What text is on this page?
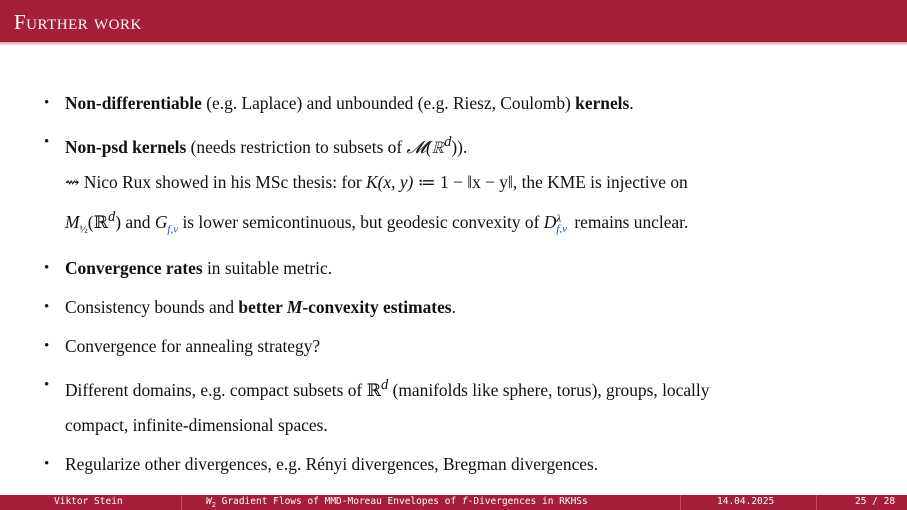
Further work
• Non-differentiable (e.g. Laplace) and unbounded (e.g. Riesz, Coulomb) kernels.
• Non-psd kernels (needs restriction to subsets of 𝓜(ℝ$^d$)).
⇝ Nico Rux showed in his MSc thesis: for K(x, y) ≔ 1 − ‖x − y‖, the KME is injective on
$M_{\frac{1}{2}}(ℝ^d)$ and $G_{f,\nu}$ is lower semicontinuous, but geodesic convexity of D λ
f,ν remains unclear.
• Convergence rates in suitable metric.
• Consistency bounds and better M-convexity estimates.
• Convergence for annealing strategy?
• Different domains, e.g. compact subsets of ℝ$^d$ (manifolds like sphere, torus), groups, locally
compact, infinite-dimensional spaces.
• Regularize other divergences, e.g. Rényi divergences, Bregman divergences.
Viktor Stein	$W_2$ Gradient Flows of MMD-Moreau Envelopes of f-Divergences in RKHSs	14.04.2025	25 / 28
